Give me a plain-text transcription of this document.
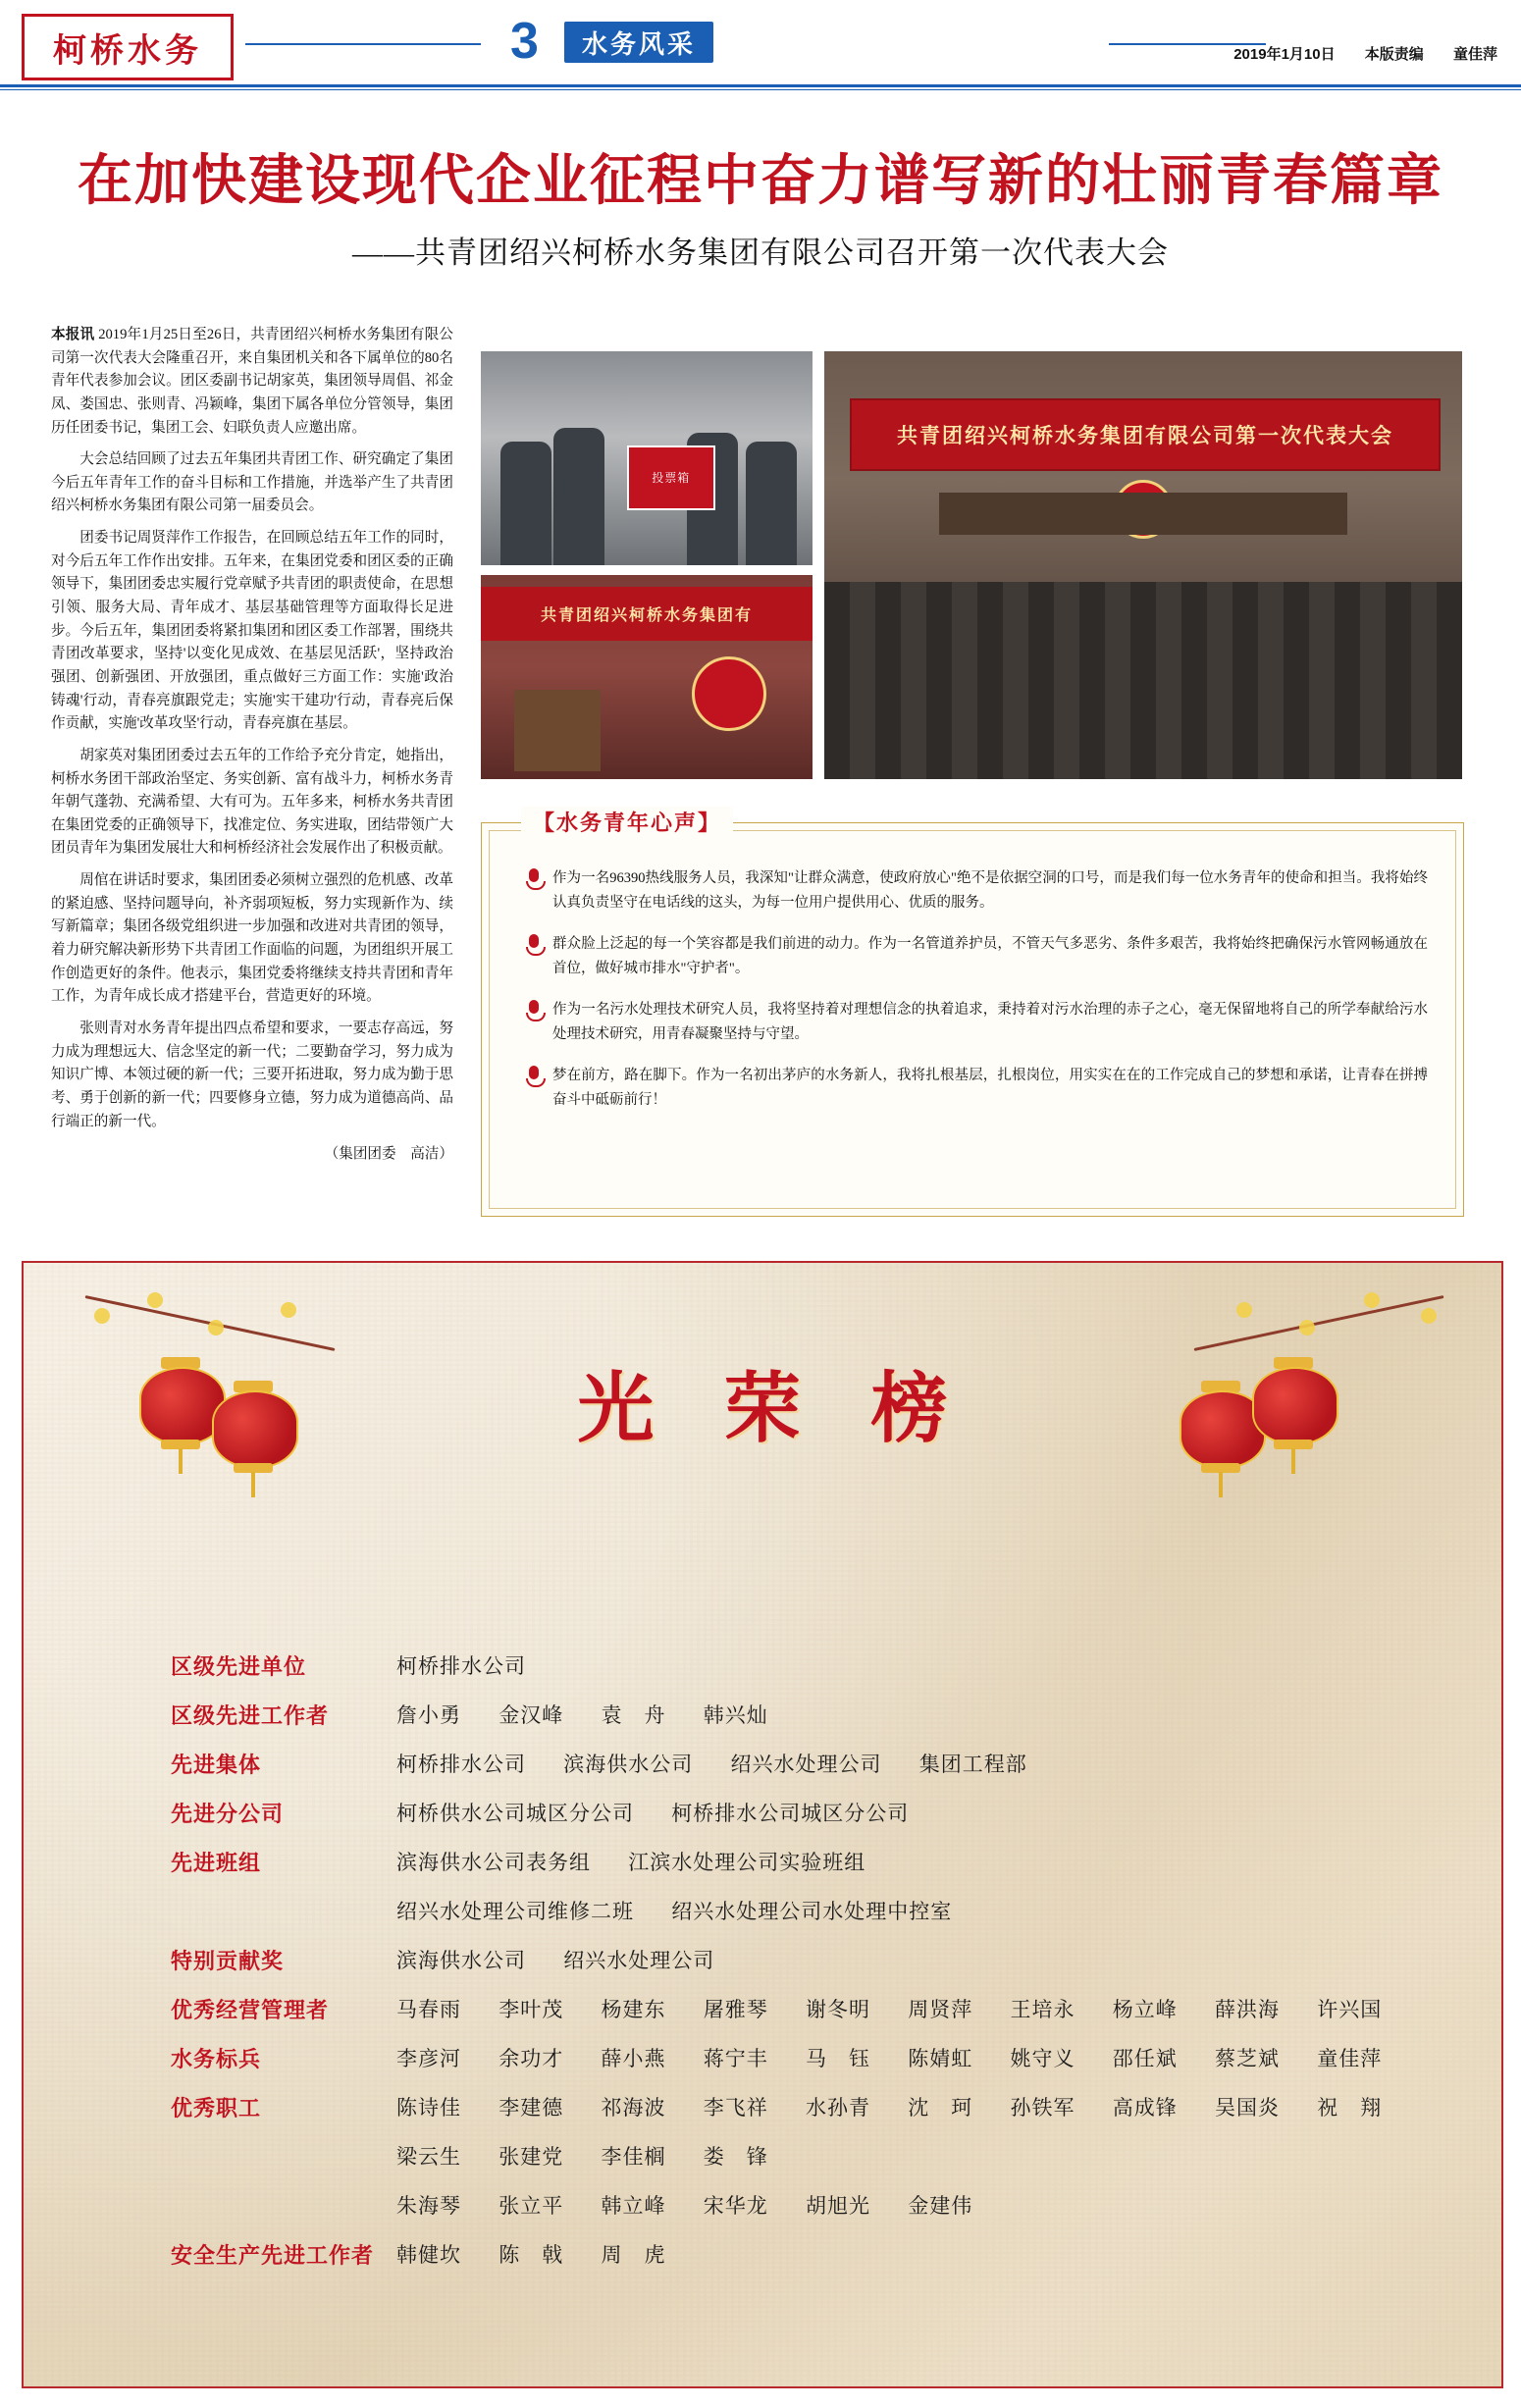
柯桥水务	3	水务风采	2019年1月10日 本版责编 童佳萍
在加快建设现代企业征程中奋力谱写新的壮丽青春篇章
——共青团绍兴柯桥水务集团有限公司召开第一次代表大会

本报讯 2019年1月25日至26日，共青团绍兴柯桥水务集团有限公司第一次代表大会隆重召开，来自集团机关和各下属单位的80名青年代表参加会议。团区委副书记胡家英，集团领导周倡、祁金凤、娄国忠、张则青、冯颖峰，集团下属各单位分管领导，集团历任团委书记，集团工会、妇联负责人应邀出席。

大会总结回顾了过去五年集团共青团工作、研究确定了集团今后五年青年工作的奋斗目标和工作措施，并选举产生了共青团绍兴柯桥水务集团有限公司第一届委员会。

团委书记周贤萍作工作报告，在回顾总结五年工作的同时，对今后五年工作作出安排。五年来，在集团党委和团区委的正确领导下，集团团委忠实履行党章赋予共青团的职责使命，在思想引领、服务大局、青年成才、基层基础管理等方面取得长足进步。今后五年，集团团委将紧扣集团和团区委工作部署，围绕共青团改革要求，坚持'以变化见成效、在基层见活跃'，坚持政治强团、创新强团、开放强团，重点做好三方面工作：实施'政治铸魂'行动，青春亮旗跟党走；实施'实干建功'行动，青春亮后保作贡献，实施'改革攻坚'行动，青春亮旗在基层。

胡家英对集团团委过去五年的工作给予充分肯定，她指出，柯桥水务团干部政治坚定、务实创新、富有战斗力，柯桥水务青年朝气蓬勃、充满希望、大有可为。五年多来，柯桥水务共青团在集团党委的正确领导下，找准定位、务实进取，团结带领广大团员青年为集团发展壮大和柯桥经济社会发展作出了积极贡献。

周倌在讲话时要求，集团团委必须树立强烈的危机感、改革的紧迫感、坚持问题导向，补齐弱项短板，努力实现新作为、续写新篇章；集团各级党组织进一步加强和改进对共青团的领导，着力研究解决新形势下共青团工作面临的问题，为团组织开展工作创造更好的条件。他表示，集团党委将继续支持共青团和青年工作，为青年成长成才搭建平台，营造更好的环境。

张则青对水务青年提出四点希望和要求，一要志存高远，努力成为理想远大、信念坚定的新一代；二要勤奋学习，努力成为知识广博、本领过硬的新一代；三要开拓进取，努力成为勤于思考、勇于创新的新一代；四要修身立德，努力成为道德高尚、品行端正的新一代。

（集团团委　高洁）

投票箱
共青团绍兴柯桥水务集团有
共青团绍兴柯桥水务集团有限公司第一次代表大会
【水务青年心声】
作为一名96390热线服务人员，我深知"让群众满意，使政府放心"绝不是依据空洞的口号，而是我们每一位水务青年的使命和担当。我将始终认真负责坚守在电话线的这头，为每一位用户提供用心、优质的服务。
群众脸上泛起的每一个笑容都是我们前进的动力。作为一名管道养护员，不管天气多恶劣、条件多艰苦，我将始终把确保污水管网畅通放在首位，做好城市排水"守护者"。
作为一名污水处理技术研究人员，我将坚持着对理想信念的执着追求，秉持着对污水治理的赤子之心，毫无保留地将自己的所学奉献给污水处理技术研究，用青春凝聚坚持与守望。
梦在前方，路在脚下。作为一名初出茅庐的水务新人，我将扎根基层，扎根岗位，用实实在在的工作完成自己的梦想和承诺，让青春在拼搏奋斗中砥砺前行！
光 荣 榜
区级先进单位	柯桥排水公司
区级先进工作者	詹小勇 金汉峰 袁　舟 韩兴灿
先进集体	柯桥排水公司 滨海供水公司 绍兴水处理公司 集团工程部
先进分公司	柯桥供水公司城区分公司 柯桥排水公司城区分公司
先进班组	滨海供水公司表务组 江滨水处理公司实验班组
绍兴水处理公司维修二班 绍兴水处理公司水处理中控室
特别贡献奖	滨海供水公司 绍兴水处理公司
优秀经营管理者	马春雨 李叶茂 杨建东 屠雅琴 谢冬明 周贤萍 王培永 杨立峰 薛洪海 许兴国
水务标兵	李彦河 余功才 薛小燕 蒋宁丰 马　钰 陈婧虹 姚守义 邵任斌 蔡芝斌 童佳萍
优秀职工	陈诗佳 李建德 祁海波 李飞祥 水孙青 沈　珂 孙铁军 高成锋 吴国炎 祝　翔
梁云生 张建党 李佳榈 娄　锋
朱海琴 张立平 韩立峰 宋华龙 胡旭光 金建伟
安全生产先进工作者	韩健坎 陈　戟 周　虎
